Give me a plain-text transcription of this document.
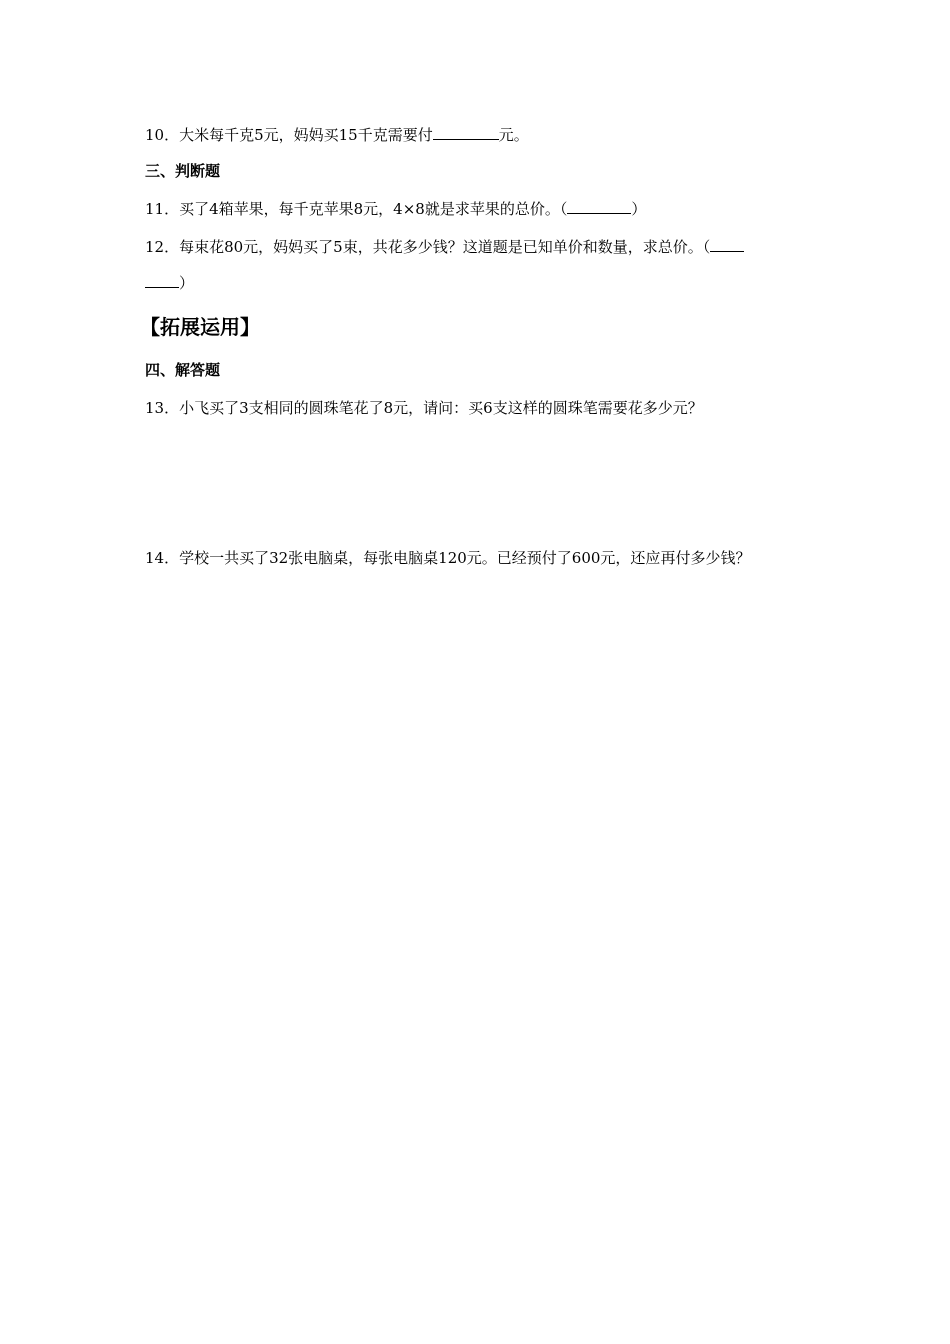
10．大米每千克5元，妈妈买15千克需要付	元。
三、判断题
11．买了4箱苹果，每千克苹果8元，4×8就是求苹果的总价。（	）
12．每束花80元，妈妈买了5束，共花多少钱？这道题是已知单价和数量，求总价。（
）
【拓展运用】
四、解答题
13．小飞买了3支相同的圆珠笔花了8元，请问：买6支这样的圆珠笔需要花多少元？
14．学校一共买了32张电脑桌，每张电脑桌120元。已经预付了600元，还应再付多少钱？
